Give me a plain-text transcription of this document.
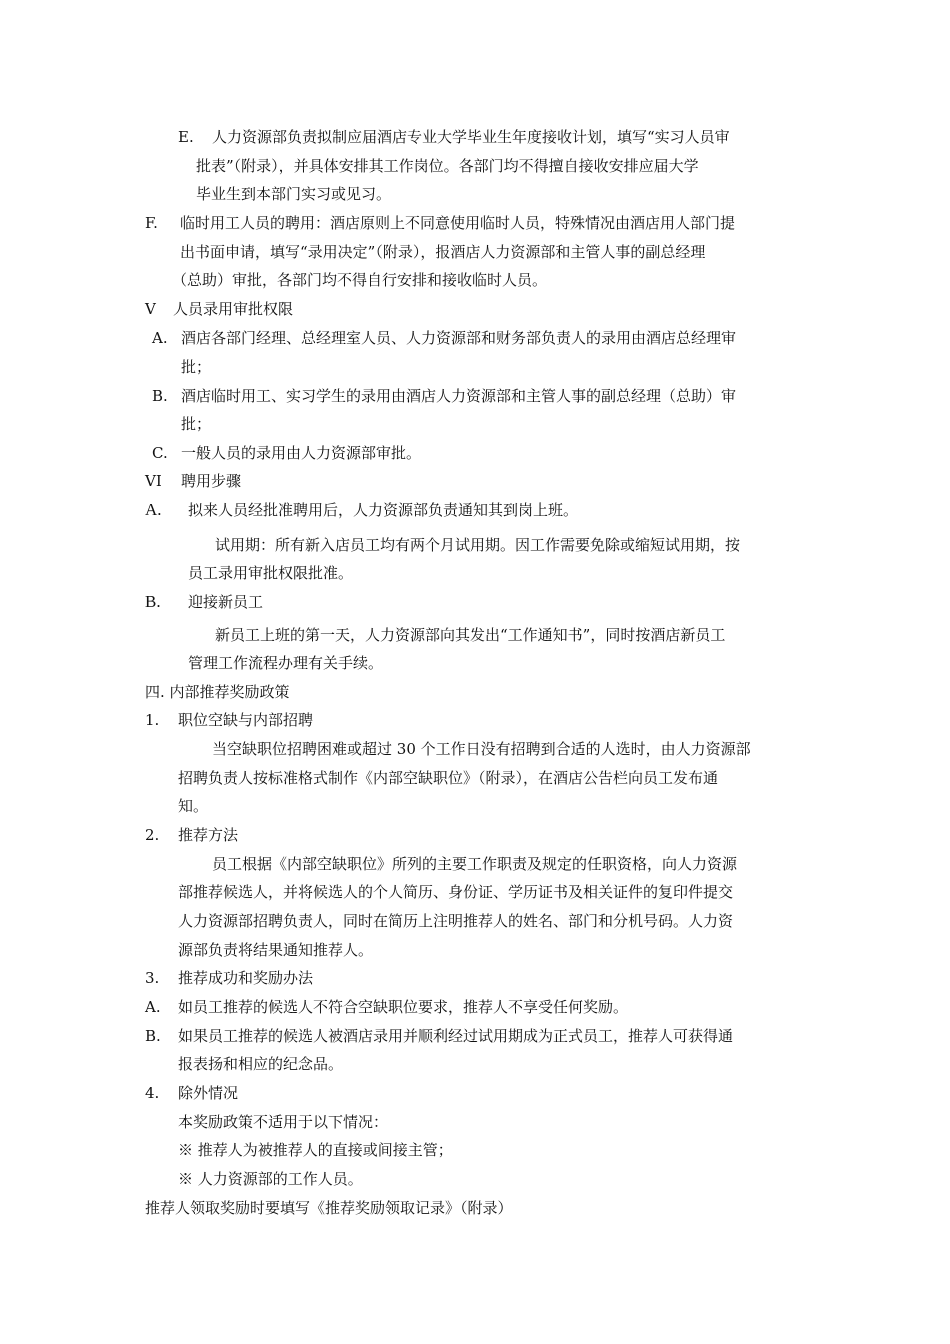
E. 人力资源部负责拟制应届酒店专业大学毕业生年度接收计划，填写“实习人员审
批表”（附录），并具体安排其工作岗位。各部门均不得擅自接收安排应届大学
毕业生到本部门实习或见习。
F. 临时用工人员的聘用：酒店原则上不同意使用临时人员，特殊情况由酒店用人部门提
出书面申请，填写“录用决定”（附录），报酒店人力资源部和主管人事的副总经理
（总助）审批，各部门均不得自行安排和接收临时人员。
V 人员录用审批权限
A. 酒店各部门经理、总经理室人员、人力资源部和财务部负责人的录用由酒店总经理审
批；
B. 酒店临时用工、实习学生的录用由酒店人力资源部和主管人事的副总经理（总助）审
批；
C. 一般人员的录用由人力资源部审批。
VI 聘用步骤
A. 拟来人员经批准聘用后，人力资源部负责通知其到岗上班。
试用期：所有新入店员工均有两个月试用期。因工作需要免除或缩短试用期，按
员工录用审批权限批准。
B. 迎接新员工
新员工上班的第一天，人力资源部向其发出“工作通知书”，同时按酒店新员工
管理工作流程办理有关手续。
四. 内部推荐奖励政策
1. 职位空缺与内部招聘
当空缺职位招聘困难或超过 30 个工作日没有招聘到合适的人选时，由人力资源部
招聘负责人按标准格式制作《内部空缺职位》（附录），在酒店公告栏向员工发布通
知。
2. 推荐方法
员工根据《内部空缺职位》所列的主要工作职责及规定的任职资格，向人力资源
部推荐候选人，并将候选人的个人简历、身份证、学历证书及相关证件的复印件提交
人力资源部招聘负责人，同时在简历上注明推荐人的姓名、部门和分机号码。人力资
源部负责将结果通知推荐人。
3. 推荐成功和奖励办法
A. 如员工推荐的候选人不符合空缺职位要求，推荐人不享受任何奖励。
B. 如果员工推荐的候选人被酒店录用并顺利经过试用期成为正式员工，推荐人可获得通
报表扬和相应的纪念品。
4. 除外情况
本奖励政策不适用于以下情况：
※ 推荐人为被推荐人的直接或间接主管；
※ 人力资源部的工作人员。
推荐人领取奖励时要填写《推荐奖励领取记录》（附录）
